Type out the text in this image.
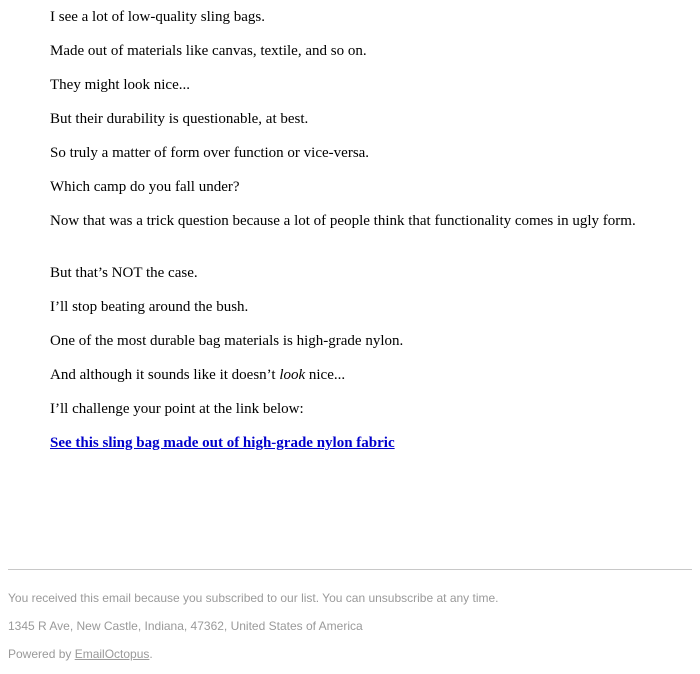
I see a lot of low-quality sling bags.

Made out of materials like canvas, textile, and so on.

They might look nice...

But their durability is questionable, at best.

So truly a matter of form over function or vice-versa.

Which camp do you fall under?

Now that was a trick question because a lot of people think that functionality comes in ugly form.

But that’s NOT the case.

I’ll stop beating around the bush.

One of the most durable bag materials is high-grade nylon.

And although it sounds like it doesn’t look nice...

I’ll challenge your point at the link below:

See this sling bag made out of high-grade nylon fabric

You received this email because you subscribed to our list. You can unsubscribe at any time.

1345 R Ave, New Castle, Indiana, 47362, United States of America

Powered by EmailOctopus.
